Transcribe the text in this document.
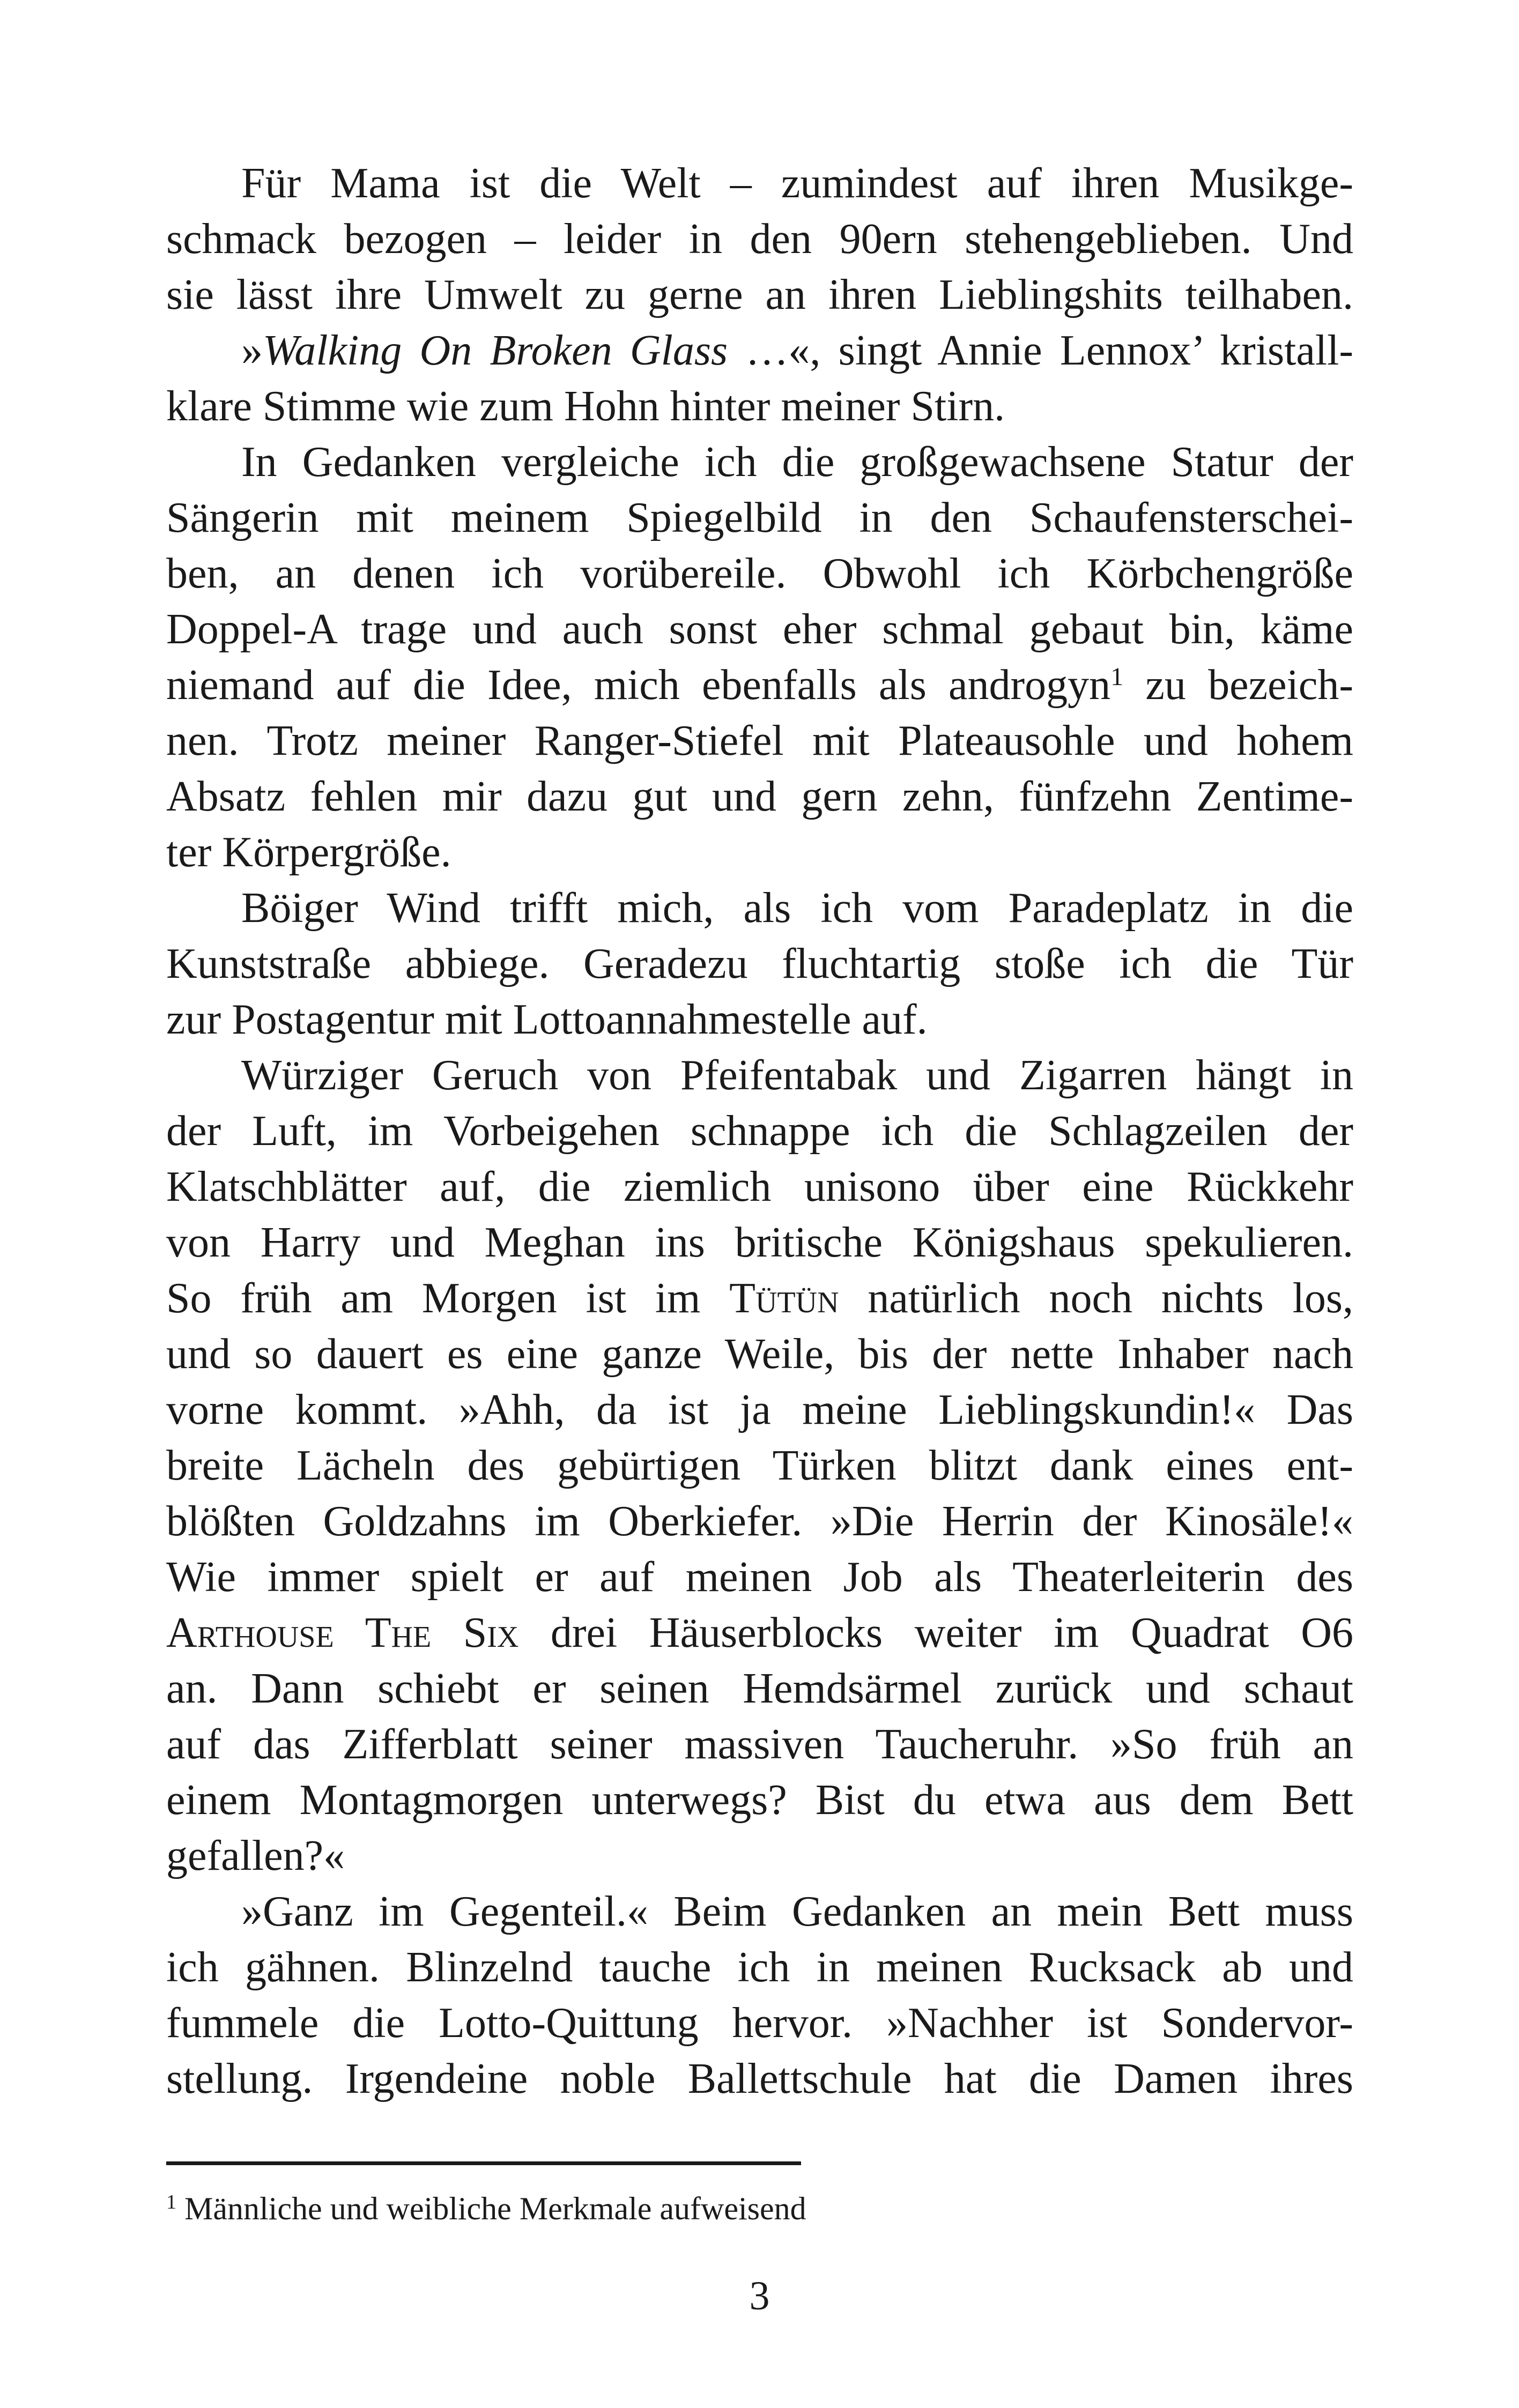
Für Mama ist die Welt – zumindest auf ihren Musikge-
schmack bezogen – leider in den 90ern stehengeblieben. Und
sie lässt ihre Umwelt zu gerne an ihren Lieblingshits teilhaben.
»Walking On Broken Glass …«, singt Annie Lennox’ kristall-
klare Stimme wie zum Hohn hinter meiner Stirn.
In Gedanken vergleiche ich die großgewachsene Statur der
Sängerin mit meinem Spiegelbild in den Schaufensterschei-
ben, an denen ich vorübereile. Obwohl ich Körbchengröße
Doppel-A trage und auch sonst eher schmal gebaut bin, käme
niemand auf die Idee, mich ebenfalls als androgyn$^1$ zu bezeich-
nen. Trotz meiner Ranger-Stiefel mit Plateausohle und hohem
Absatz fehlen mir dazu gut und gern zehn, fünfzehn Zentime-
ter Körpergröße.
Böiger Wind trifft mich, als ich vom Paradeplatz in die
Kunststraße abbiege. Geradezu fluchtartig stoße ich die Tür
zur Postagentur mit Lottoannahmestelle auf.
Würziger Geruch von Pfeifentabak und Zigarren hängt in
der Luft, im Vorbeigehen schnappe ich die Schlagzeilen der
Klatschblätter auf, die ziemlich unisono über eine Rückkehr
von Harry und Meghan ins britische Königshaus spekulieren.
So früh am Morgen ist im Tütün natürlich noch nichts los,
und so dauert es eine ganze Weile, bis der nette Inhaber nach
vorne kommt. »Ahh, da ist ja meine Lieblingskundin!« Das
breite Lächeln des gebürtigen Türken blitzt dank eines ent-
blößten Goldzahns im Oberkiefer. »Die Herrin der Kinosäle!«
Wie immer spielt er auf meinen Job als Theaterleiterin des
Arthouse The Six drei Häuserblocks weiter im Quadrat O6
an. Dann schiebt er seinen Hemdsärmel zurück und schaut
auf das Zifferblatt seiner massiven Taucheruhr. »So früh an
einem Montagmorgen unterwegs? Bist du etwa aus dem Bett
gefallen?«
»Ganz im Gegenteil.« Beim Gedanken an mein Bett muss
ich gähnen. Blinzelnd tauche ich in meinen Rucksack ab und
fummele die Lotto-Quittung hervor. »Nachher ist Sondervor-
stellung. Irgendeine noble Ballettschule hat die Damen ihres
$^1$ Männliche und weibliche Merkmale aufweisend
3
